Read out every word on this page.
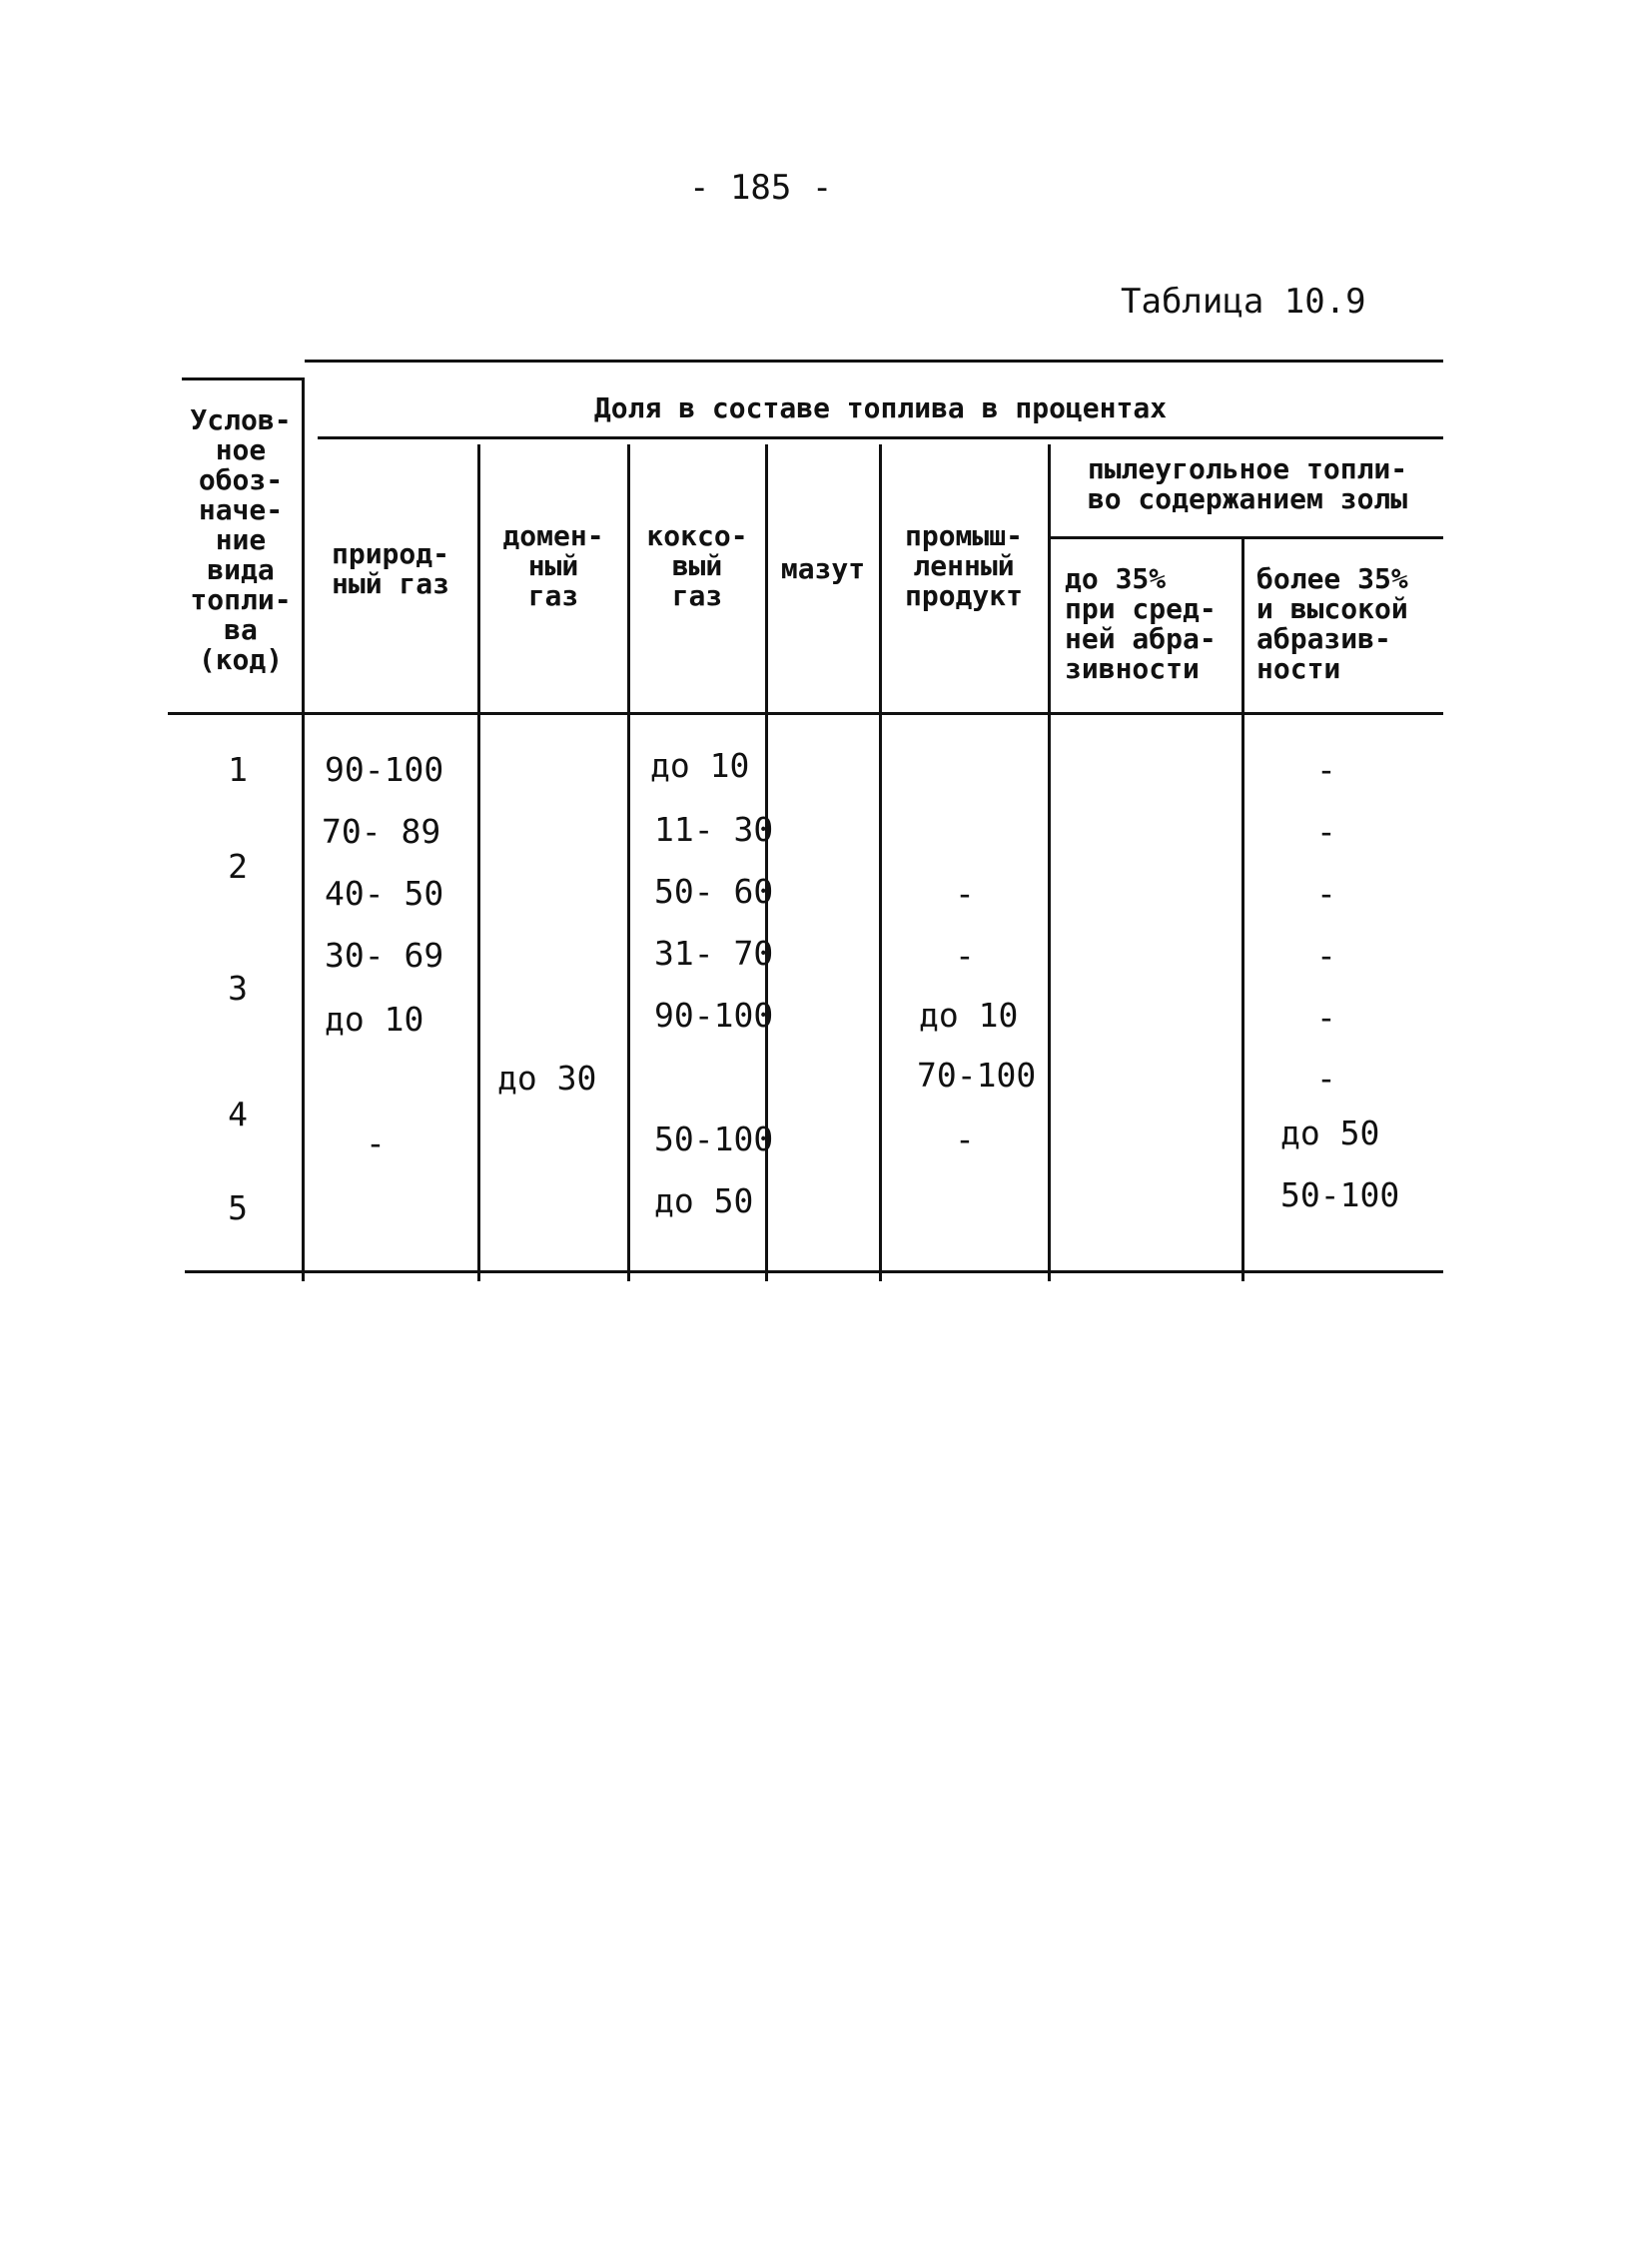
- 185 -
Таблица 10.9
Услов-
ное
обоз-
наче-
ние
вида
топли-
ва
(код)
Доля в составе топлива в процентах
природ-
ный газ
домен-
ный
газ
коксо-
вый
газ
мазут
промыш-
ленный
продукт
пылеугольное топли-
во содержанием золы
до 35%
при сред-
ней абра-
зивности
более 35%
и высокой
абразив-
ности
1
2
3
4
5
90-100
70- 89
40- 50
30- 69
до 10
-
до 30
до 10
11- 30
50- 60
31- 70
90-100
50-100
до 50
-
-
до 10
70-100
-
-
-
-
-
-
-
до 50
50-100
